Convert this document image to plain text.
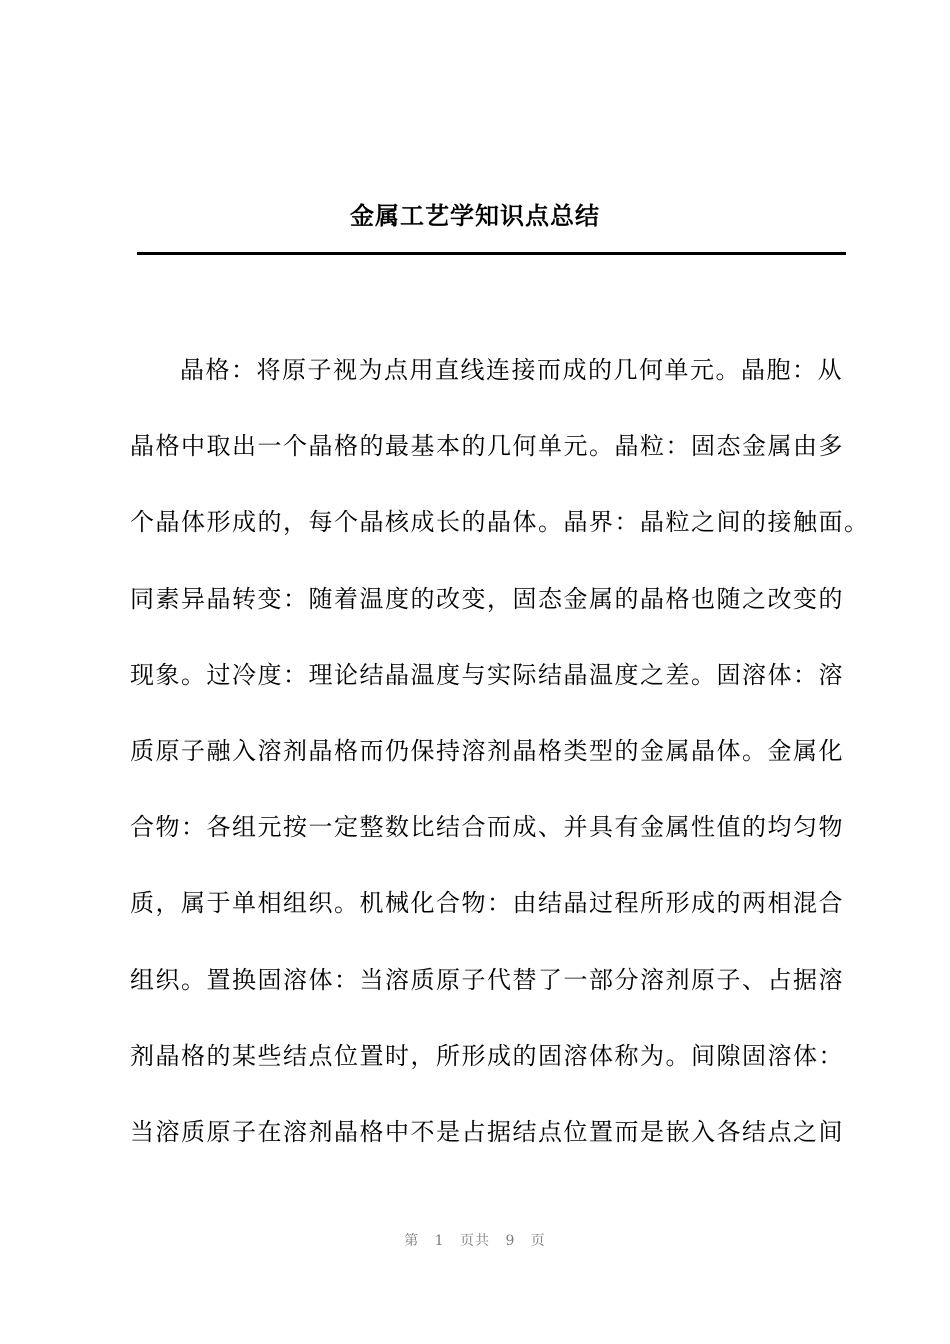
金属工艺学知识点总结
晶格：将原子视为点用直线连接而成的几何单元。晶胞：从
晶格中取出一个晶格的最基本的几何单元。晶粒：固态金属由多
个晶体形成的，每个晶核成长的晶体。晶界：晶粒之间的接触面。
同素异晶转变：随着温度的改变，固态金属的晶格也随之改变的
现象。过冷度：理论结晶温度与实际结晶温度之差。固溶体：溶
质原子融入溶剂晶格而仍保持溶剂晶格类型的金属晶体。金属化
合物：各组元按一定整数比结合而成、并具有金属性值的均匀物
质，属于单相组织。机械化合物：由结晶过程所形成的两相混合
组织。置换固溶体：当溶质原子代替了一部分溶剂原子、占据溶
剂晶格的某些结点位置时，所形成的固溶体称为。间隙固溶体：
当溶质原子在溶剂晶格中不是占据结点位置而是嵌入各结点之间
第 1 页共 9 页
